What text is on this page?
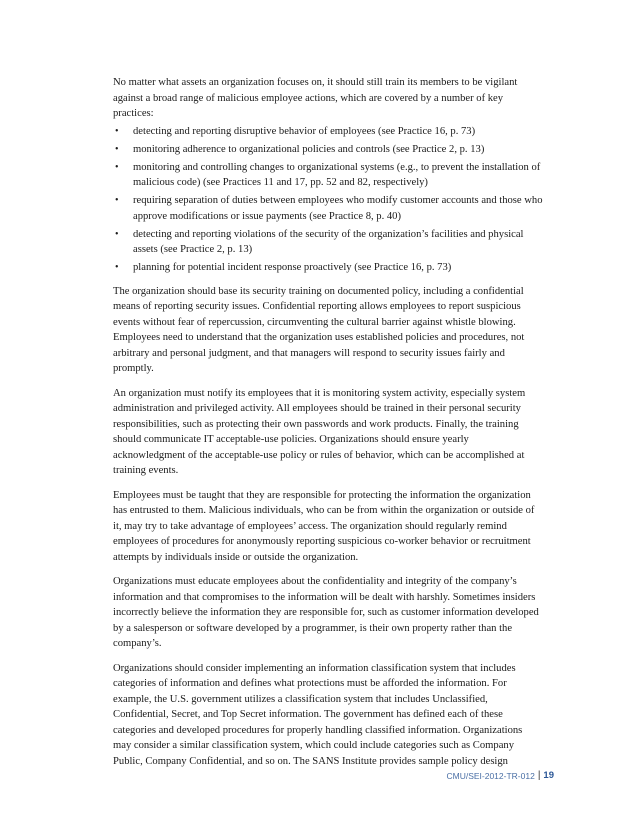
No matter what assets an organization focuses on, it should still train its members to be vigilant against a broad range of malicious employee actions, which are covered by a number of key practices:

• detecting and reporting disruptive behavior of employees (see Practice 16, p. 73)
• monitoring adherence to organizational policies and controls (see Practice 2, p. 13)
• monitoring and controlling changes to organizational systems (e.g., to prevent the installation of malicious code) (see Practices 11 and 17, pp. 52 and 82, respectively)
• requiring separation of duties between employees who modify customer accounts and those who approve modifications or issue payments (see Practice 8, p. 40)
• detecting and reporting violations of the security of the organization’s facilities and physical assets (see Practice 2, p. 13)
• planning for potential incident response proactively (see Practice 16, p. 73)

The organization should base its security training on documented policy, including a confidential means of reporting security issues. Confidential reporting allows employees to report suspicious events without fear of repercussion, circumventing the cultural barrier against whistle blowing. Employees need to understand that the organization uses established policies and procedures, not arbitrary and personal judgment, and that managers will respond to security issues fairly and promptly.

An organization must notify its employees that it is monitoring system activity, especially system administration and privileged activity. All employees should be trained in their personal security responsibilities, such as protecting their own passwords and work products. Finally, the training should communicate IT acceptable-use policies. Organizations should ensure yearly acknowledgment of the acceptable-use policy or rules of behavior, which can be accomplished at training events.

Employees must be taught that they are responsible for protecting the information the organization has entrusted to them. Malicious individuals, who can be from within the organization or outside of it, may try to take advantage of employees’ access. The organization should regularly remind employees of procedures for anonymously reporting suspicious co-worker behavior or recruitment attempts by individuals inside or outside the organization.

Organizations must educate employees about the confidentiality and integrity of the company’s information and that compromises to the information will be dealt with harshly. Sometimes insiders incorrectly believe the information they are responsible for, such as customer information developed by a salesperson or software developed by a programmer, is their own property rather than the company’s.

Organizations should consider implementing an information classification system that includes categories of information and defines what protections must be afforded the information. For example, the U.S. government utilizes a classification system that includes Unclassified, Confidential, Secret, and Top Secret information. The government has defined each of these categories and developed procedures for properly handling classified information. Organizations may consider a similar classification system, which could include categories such as Company Public, Company Confidential, and so on. The SANS Institute provides sample policy design

CMU/SEI-2012-TR-012 | 19
